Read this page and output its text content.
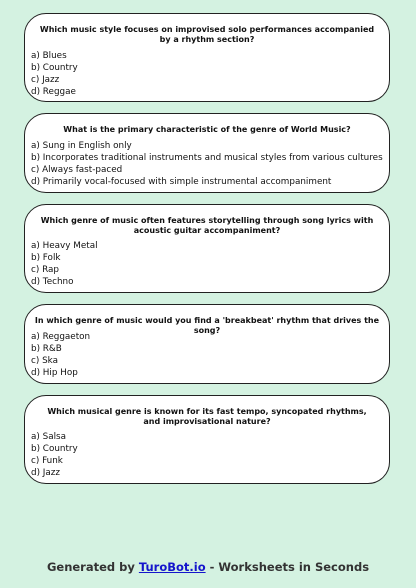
Which music style focuses on improvised solo performances accompanied by a rhythm section?
a) Blues
b) Country
c) Jazz
d) Reggae
What is the primary characteristic of the genre of World Music?
a) Sung in English only
b) Incorporates traditional instruments and musical styles from various cultures
c) Always fast-paced
d) Primarily vocal-focused with simple instrumental accompaniment
Which genre of music often features storytelling through song lyrics with acoustic guitar accompaniment?
a) Heavy Metal
b) Folk
c) Rap
d) Techno
In which genre of music would you find a 'breakbeat' rhythm that drives the song?
a) Reggaeton
b) R&B
c) Ska
d) Hip Hop
Which musical genre is known for its fast tempo, syncopated rhythms, and improvisational nature?
a) Salsa
b) Country
c) Funk
d) Jazz
Generated by TuroBot.io - Worksheets in Seconds
